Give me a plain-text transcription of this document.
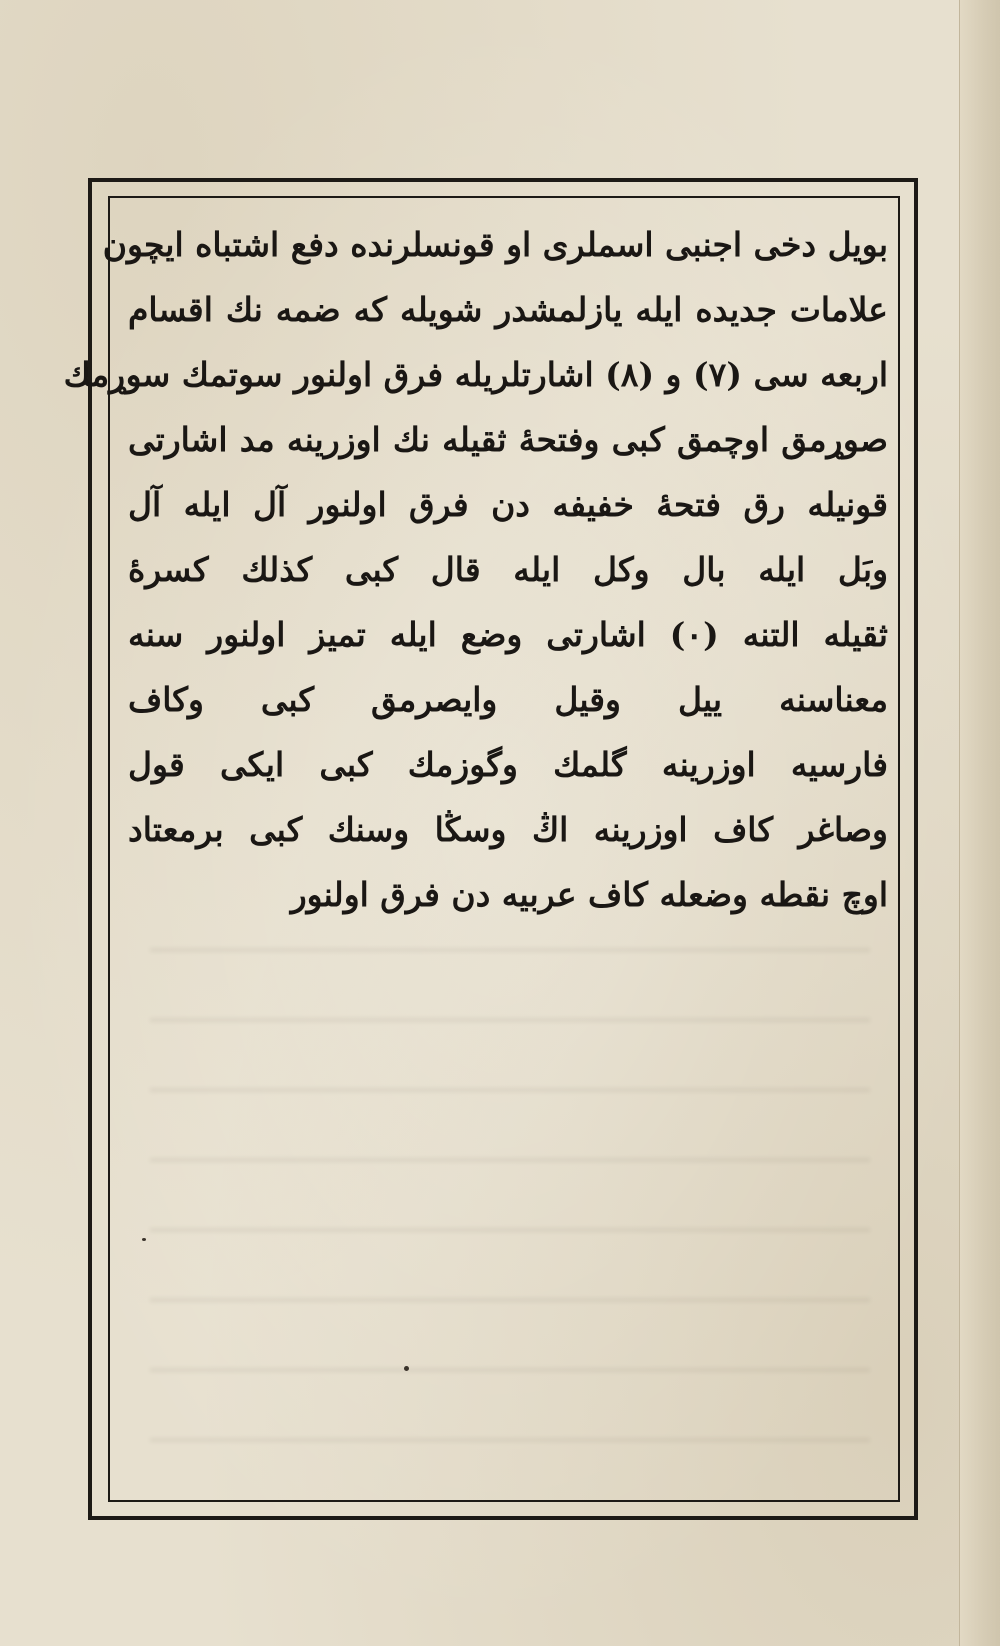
بويل دخی اجنبی اسملری او قونسلرنده دفع اشتباه ايچون
علامات جديده ايله يازلمشدر شويله كه ضمه نك اقسام
اربعه سی (٧) و (٨) اشارتلريله فرق اولنور سوتمك سوړمك
صوړمق اوچمق كبی وفتحهٔ ثقيله نك اوزرينه مد اشارتی
قونيله رق فتحهٔ خفيفه دن فرق اولنور آل ايله آل
وبَل ايله بال وكل ايله قال كبی كذلك كسرهٔ
ثقيله التنه (٠) اشارتی وضع ايله تميز اولنور سنه
معناسنه ييل وقيل وايصرمق كبی وكاف
فارسيه اوزرينه گلمك وگوزمك كبی ايكی قول
وصاغر كاف اوزرينه اڭ وسڭا وسنك كبی برمعتاد
اوچ نقطه وضعله كاف عربيه دن فرق اولنور
